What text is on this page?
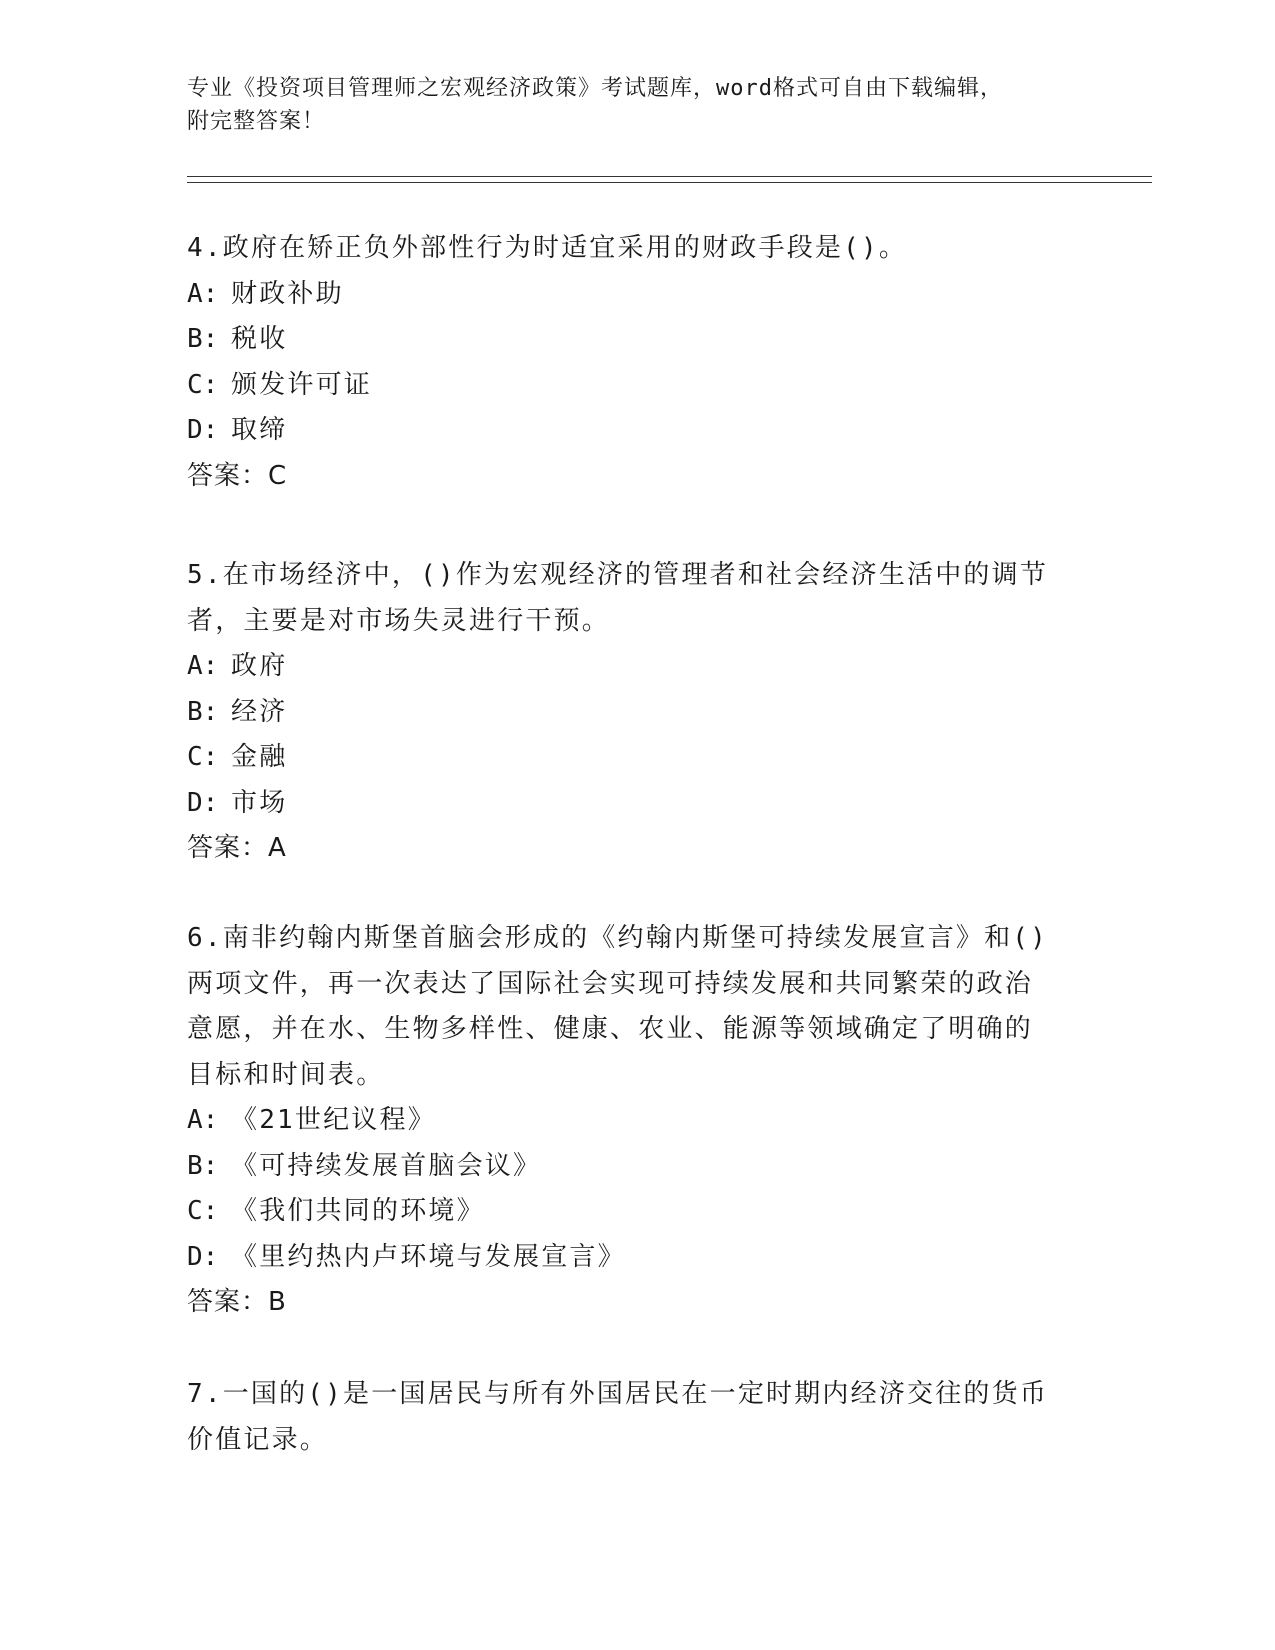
专业《投资项目管理师之宏观经济政策》考试题库，word格式可自由下载编辑，
附完整答案！
4.政府在矫正负外部性行为时适宜采用的财政手段是()。
A: 财政补助
B: 税收
C: 颁发许可证
D: 取缔
答案：C
5.在市场经济中，()作为宏观经济的管理者和社会经济生活中的调节
者，主要是对市场失灵进行干预。
A: 政府
B: 经济
C: 金融
D: 市场
答案：A
6.南非约翰内斯堡首脑会形成的《约翰内斯堡可持续发展宣言》和()
两项文件，再一次表达了国际社会实现可持续发展和共同繁荣的政治
意愿，并在水、生物多样性、健康、农业、能源等领域确定了明确的
目标和时间表。
A: 《21世纪议程》
B: 《可持续发展首脑会议》
C: 《我们共同的环境》
D: 《里约热内卢环境与发展宣言》
答案：B
7.一国的()是一国居民与所有外国居民在一定时期内经济交往的货币
价值记录。
